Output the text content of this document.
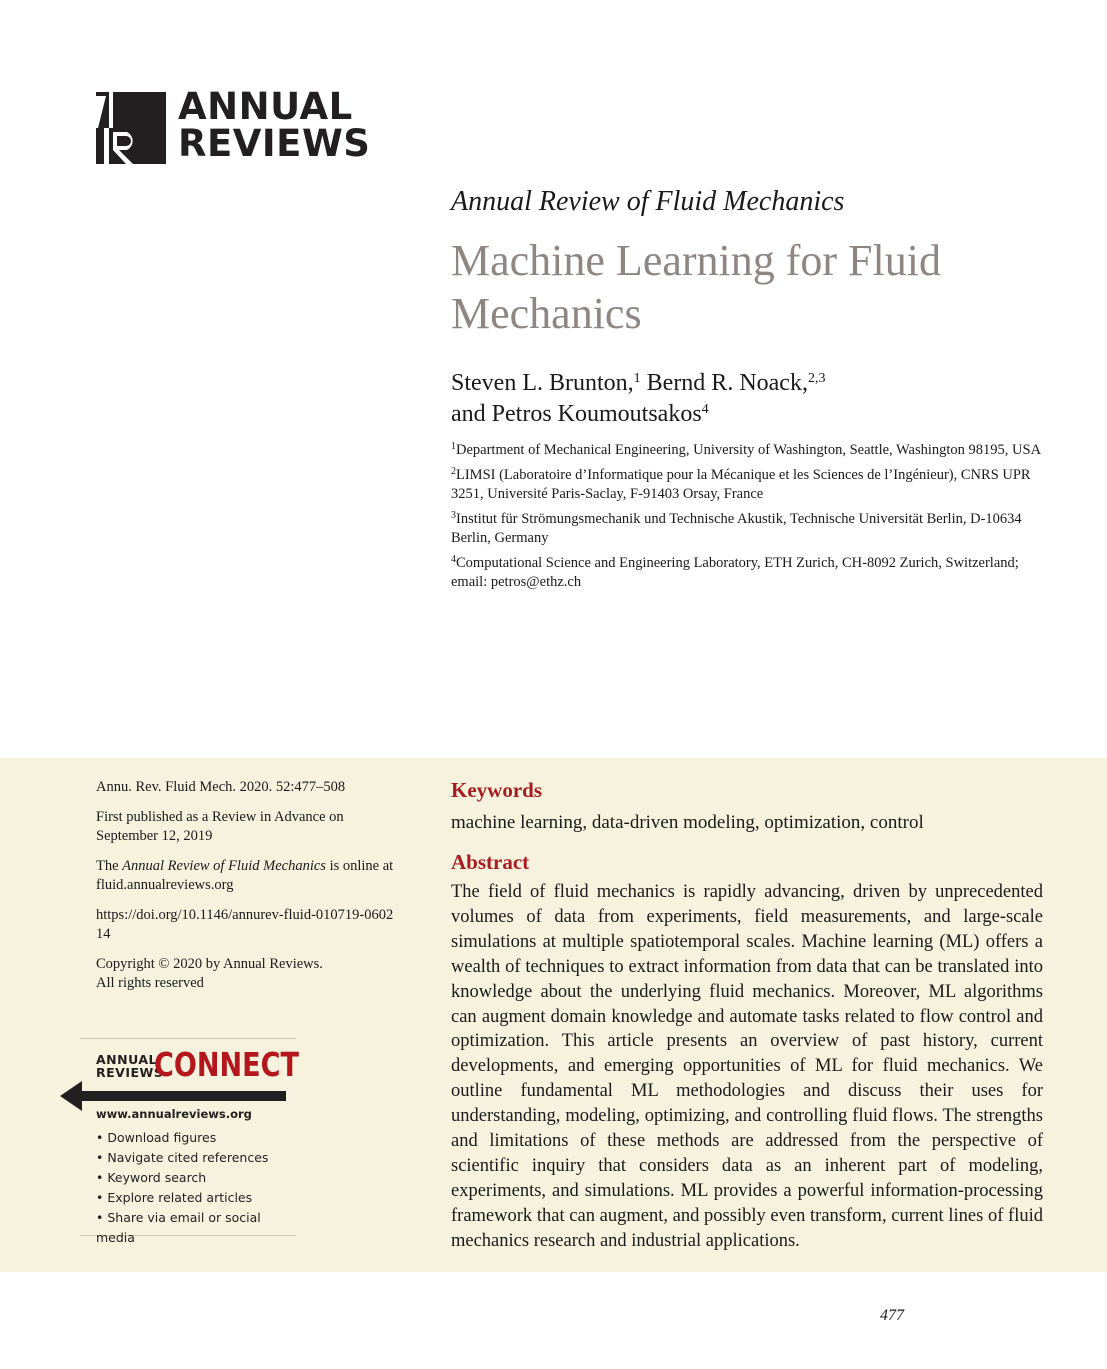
ANNUAL
REVIEWS
Annual Review of Fluid Mechanics
Machine Learning for Fluid Mechanics
Steven L. Brunton,$^1$ Bernd R. Noack,$^{2,3}$
and Petros Koumoutsakos$^4$
$^1$Department of Mechanical Engineering, University of Washington, Seattle, Washington 98195, USA
$^2$LIMSI (Laboratoire d’Informatique pour la Mécanique et les Sciences de l’Ingénieur), CNRS UPR 3251, Université Paris-Saclay, F-91403 Orsay, France
$^3$Institut für Strömungsmechanik und Technische Akustik, Technische Universität Berlin, D-10634 Berlin, Germany
$^4$Computational Science and Engineering Laboratory, ETH Zurich, CH-8092 Zurich, Switzerland; email: petros@ethz.ch
Annu. Rev. Fluid Mech. 2020. 52:477–508
First published as a Review in Advance on September 12, 2019
The Annual Review of Fluid Mechanics is online at fluid.annualreviews.org
https://doi.org/10.1146/annurev-fluid-010719-060214
Copyright © 2020 by Annual Reviews.
All rights reserved
ANNUAL
REVIEWS
CONNECT
www.annualreviews.org
• Download figures
• Navigate cited references
• Keyword search
• Explore related articles
• Share via email or social media
Keywords
machine learning, data-driven modeling, optimization, control
Abstract
The field of fluid mechanics is rapidly advancing, driven by unprecedented volumes of data from experiments, field measurements, and large-scale simulations at multiple spatiotemporal scales. Machine learning (ML) offers a wealth of techniques to extract information from data that can be translated into knowledge about the underlying fluid mechanics. Moreover, ML algorithms can augment domain knowledge and automate tasks related to flow control and optimization. This article presents an overview of past history, current developments, and emerging opportunities of ML for fluid mechanics. We outline fundamental ML methodologies and discuss their uses for understanding, modeling, optimizing, and controlling fluid flows. The strengths and limitations of these methods are addressed from the perspective of scientific inquiry that considers data as an inherent part of modeling, experiments, and simulations. ML provides a powerful information-processing framework that can augment, and possibly even transform, current lines of fluid mechanics research and industrial applications.
477
